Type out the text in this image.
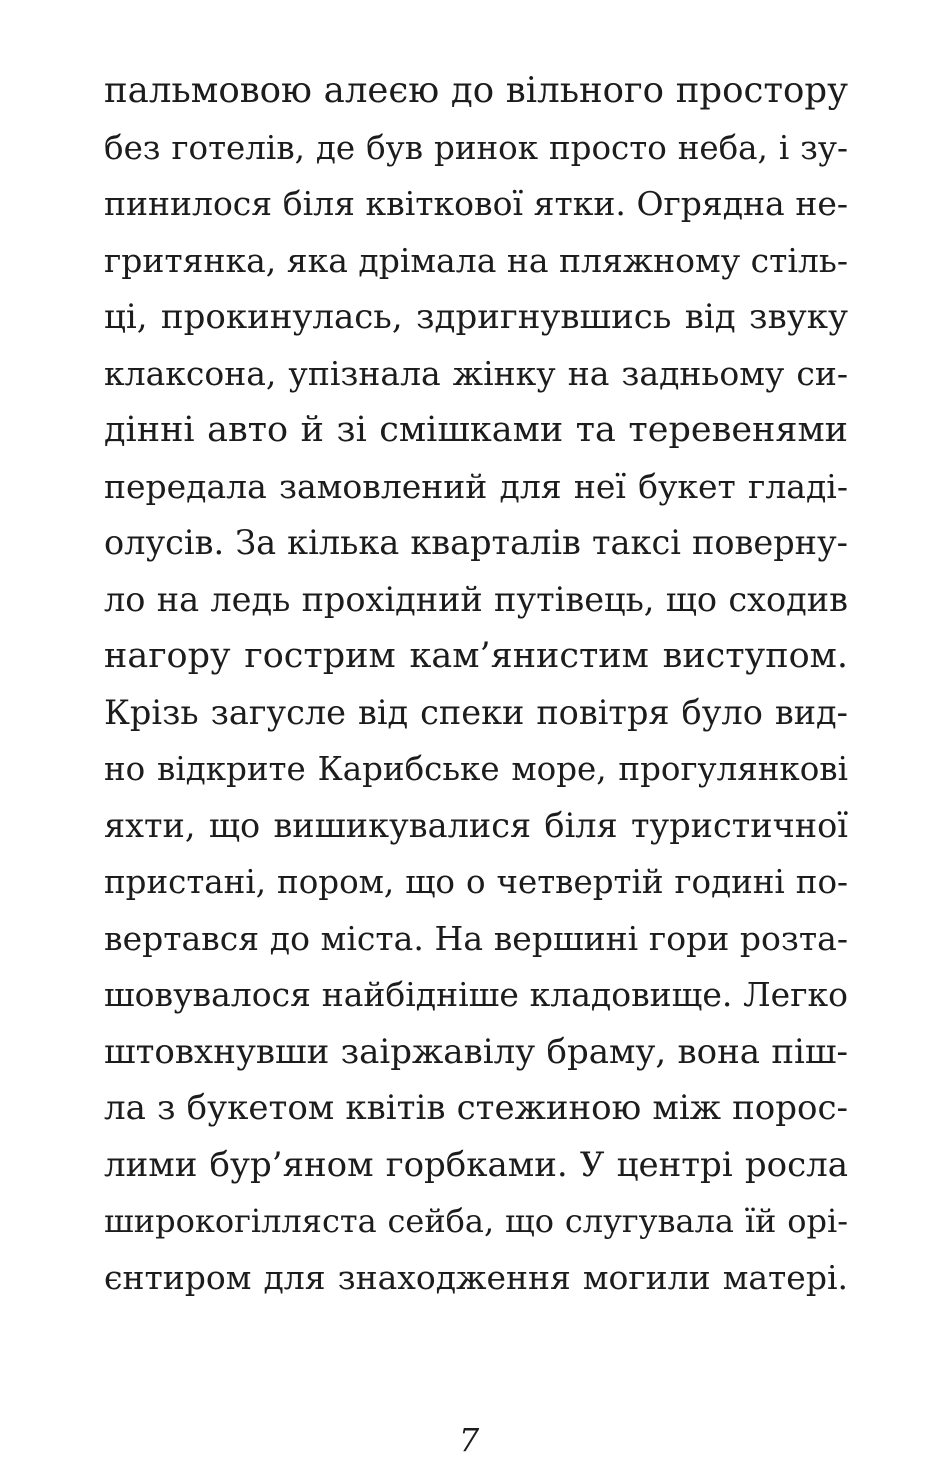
пальмовою алеєю до вільного простору
без готелів, де був ринок просто неба, і зу-
пинилося біля квіткової ятки. Огрядна не-
гритянка, яка дрімала на пляжному стіль-
ці, прокинулась, здригнувшись від звуку
клаксона, упізнала жінку на задньому си-
дінні авто й зі смішками та теревенями
передала замовлений для неї букет гладі-
олусів. За кілька кварталів таксі поверну-
ло на ледь прохідний путівець, що сходив
нагору гострим кам’янистим виступом.
Крізь загусле від спеки повітря було вид-
но відкрите Карибське море, прогулянкові
яхти, що вишикувалися біля туристичної
пристані, пором, що о четвертій годині по-
вертався до міста. На вершині гори розта-
шовувалося найбідніше кладовище. Легко
штовхнувши заіржавілу браму, вона піш-
ла з букетом квітів стежиною між порос-
лими бур’яном горбками. У центрі росла
широкогілляста сейба, що слугувала їй орі-
єнтиром для знаходження могили матері.
7
